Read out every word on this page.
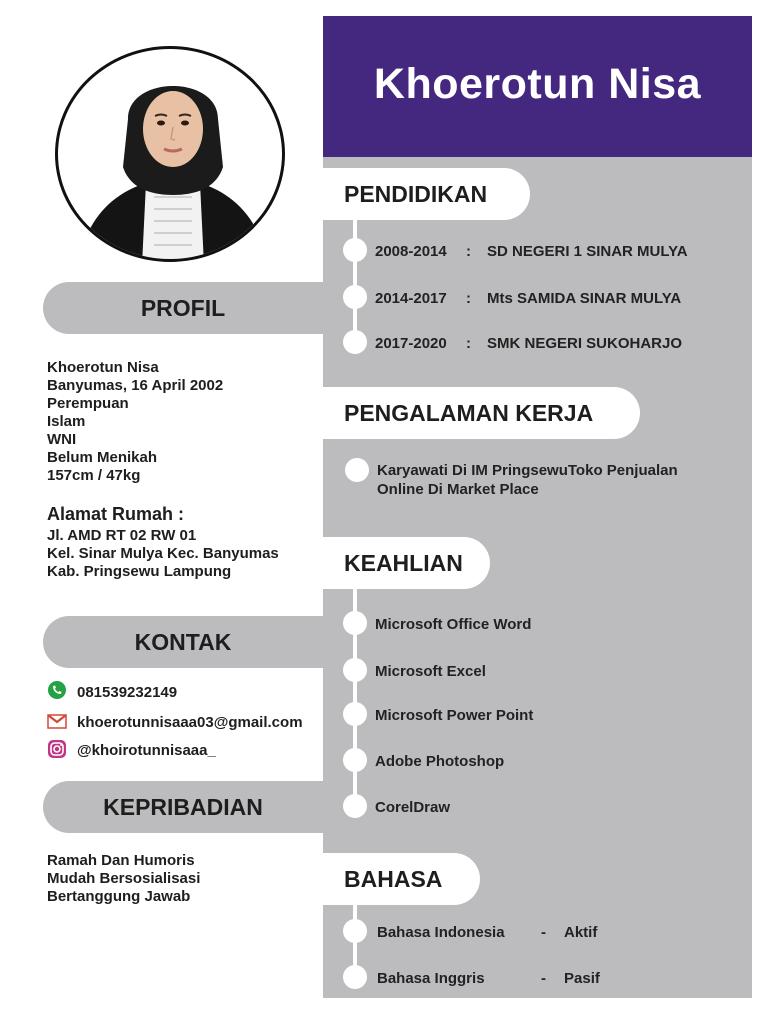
Khoerotun Nisa
PROFIL
KONTAK
KEPRIBADIAN
Khoerotun Nisa
Banyumas, 16 April 2002
Perempuan
Islam
WNI
Belum Menikah
157cm / 47kg
Alamat Rumah :
Jl. AMD RT 02 RW 01
Kel. Sinar Mulya Kec. Banyumas
Kab. Pringsewu Lampung
081539232149
khoerotunnisaaa03@gmail.com
@khoirotunnisaaa_
Ramah Dan Humoris
Mudah Bersosialisasi
Bertanggung Jawab
PENDIDIKAN
PENGALAMAN KERJA
KEAHLIAN
BAHASA
2008-2014 : SD NEGERI 1 SINAR MULYA
2014-2017 : Mts SAMIDA SINAR MULYA
2017-2020 : SMK NEGERI SUKOHARJO
Karyawati Di IM PringsewuToko Penjualan
Online Di Market Place
Microsoft Office Word
Microsoft Excel
Microsoft Power Point
Adobe Photoshop
CorelDraw
Bahasa Indonesia - Aktif
Bahasa Inggris	- Pasif
